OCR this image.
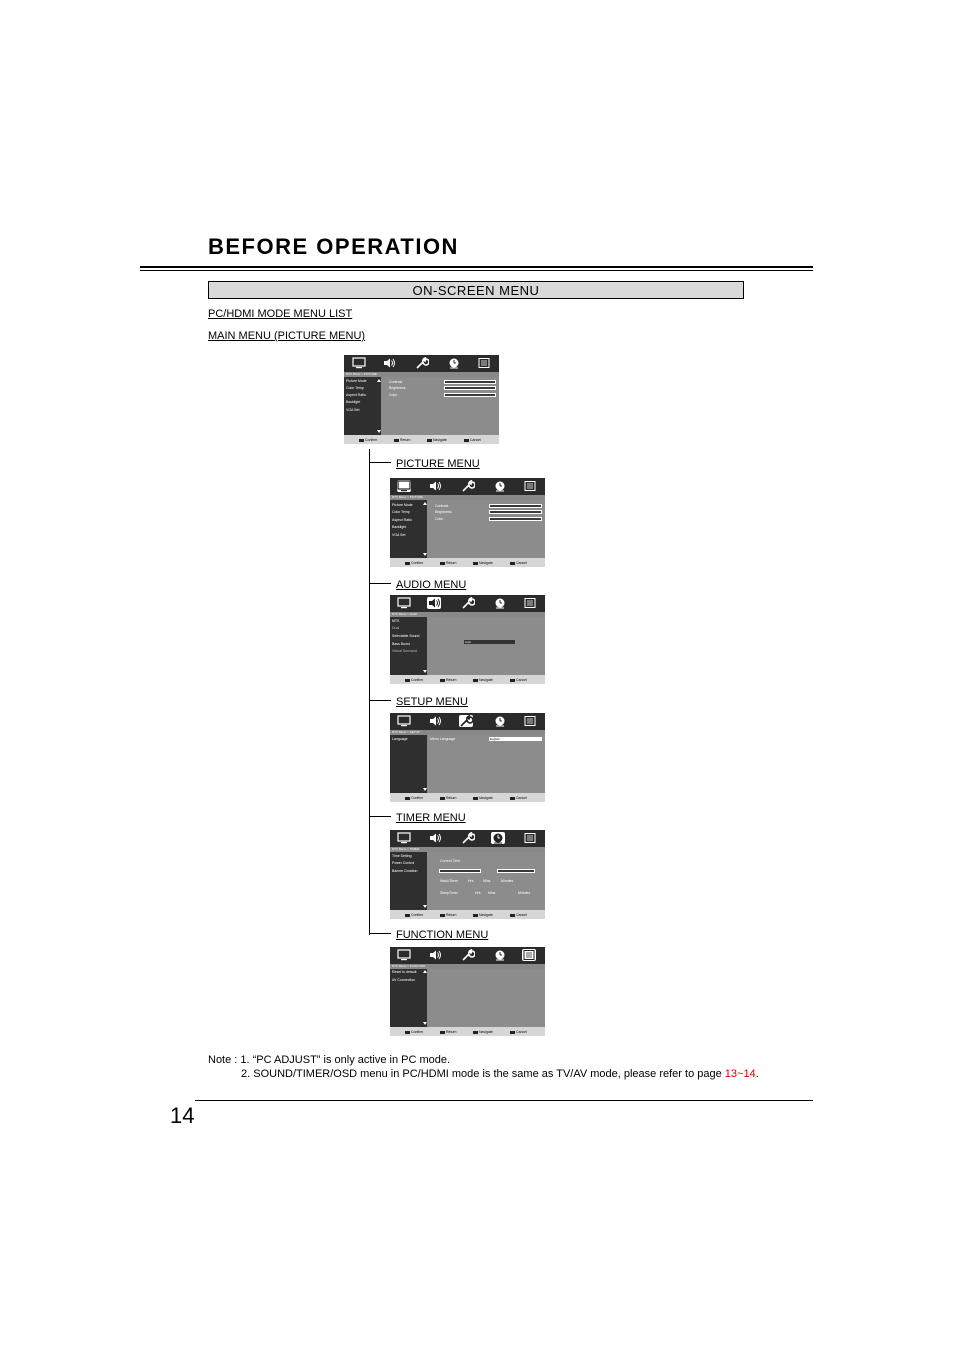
BEFORE OPERATION
ON-SCREEN MENU
PC/HDMI MODE MENU LIST
MAIN MENU (PICTURE MENU)
PICTURE MENU
AUDIO MENU
SETUP MENU
TIMER MENU
FUNCTION MENU
DTV Menu > PICTURE
Picture Mode
Color Temp
Aspect Ratio
Backlight
VGA Set
Contrast
Brightness
Color
Confirm	Return	Navigate	Cancel
DTV Menu > PICTURE
Picture Mode
Color Temp
Aspect Ratio
Backlight
VGA Set
Contrast
Brightness
Color
Confirm	Return	Navigate	Cancel
DTV Menu > Audio
MTS
Dual
Selectable Sound
Bass Boost
Virtual Surround
Auto
Confirm	Return	Navigate	Cancel
DTV Menu > SETUP
Language	Menu Language	English
Confirm	Return	Navigate	Cancel
DTV Menu > TIMER
Time Setting
Power Control
Banner Duration
Current Time
WakUTimer	Hrs	Mins	Minutes
SleepTimer	Hrs Mins	Minutes
Confirm	Return	Navigate	Cancel
DTV Menu > FUNCTION
Reset to default
AV Connection
Confirm	Return	Navigate	Cancel
Note : 1. “PC ADJUST” is only active in PC mode.
2. SOUND/TIMER/OSD menu in PC/HDMI mode is the same as TV/AV mode, please refer to page 13~14.
14
